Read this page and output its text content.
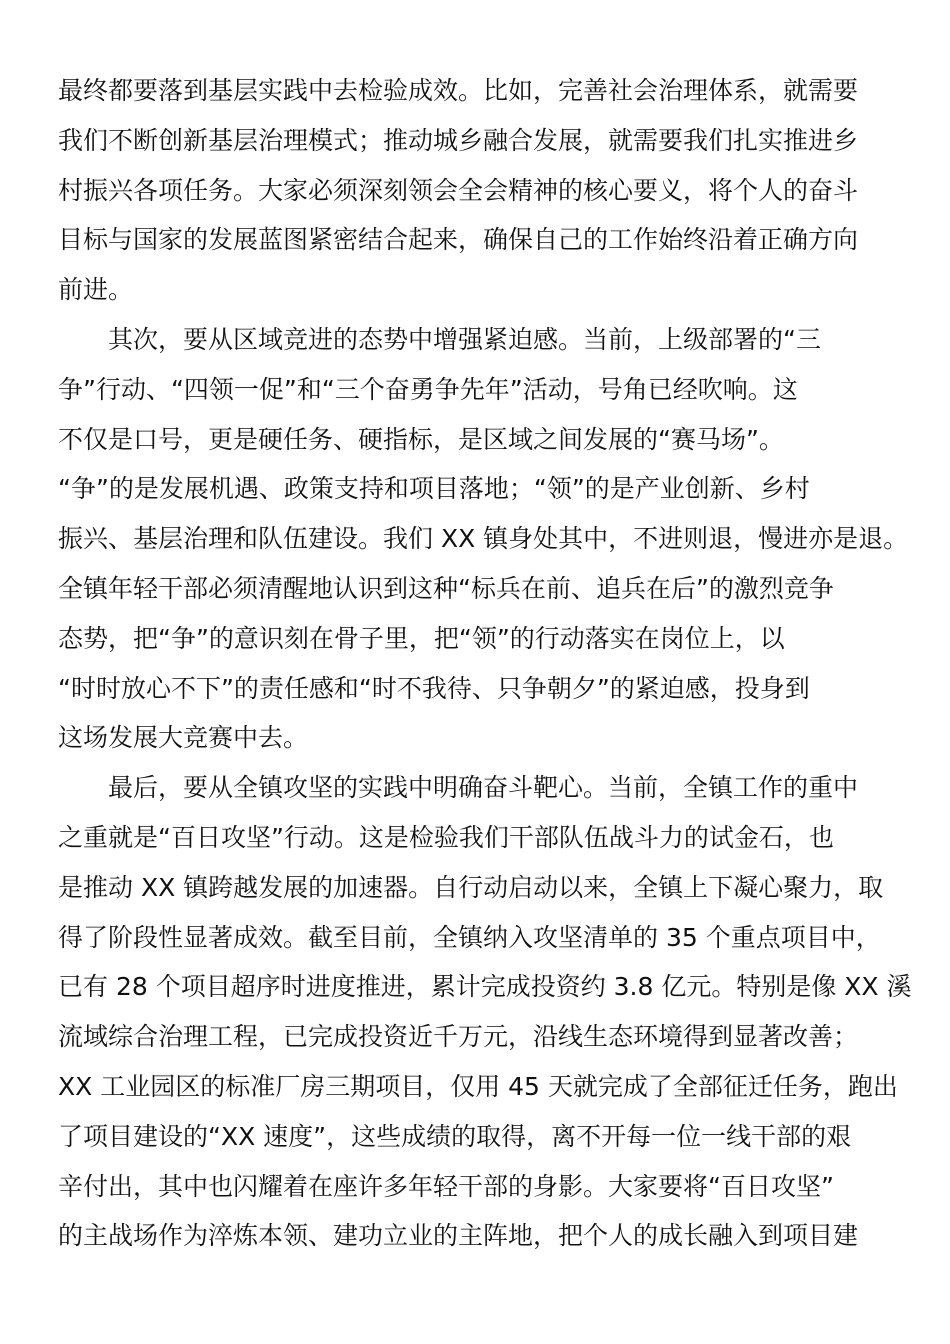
最终都要落到基层实践中去检验成效。比如，完善社会治理体系，就需要
我们不断创新基层治理模式；推动城乡融合发展，就需要我们扎实推进乡
村振兴各项任务。大家必须深刻领会全会精神的核心要义，将个人的奋斗
目标与国家的发展蓝图紧密结合起来，确保自己的工作始终沿着正确方向
前进。
其次，要从区域竞进的态势中增强紧迫感。当前，上级部署的“三
争”行动、“四领一促”和“三个奋勇争先年”活动，号角已经吹响。这
不仅是口号，更是硬任务、硬指标，是区域之间发展的“赛马场”。
“争”的是发展机遇、政策支持和项目落地；“领”的是产业创新、乡村
振兴、基层治理和队伍建设。我们 XX 镇身处其中，不进则退，慢进亦是退。
全镇年轻干部必须清醒地认识到这种“标兵在前、追兵在后”的激烈竞争
态势，把“争”的意识刻在骨子里，把“领”的行动落实在岗位上，以
“时时放心不下”的责任感和“时不我待、只争朝夕”的紧迫感，投身到
这场发展大竞赛中去。
最后，要从全镇攻坚的实践中明确奋斗靶心。当前，全镇工作的重中
之重就是“百日攻坚”行动。这是检验我们干部队伍战斗力的试金石，也
是推动 XX 镇跨越发展的加速器。自行动启动以来，全镇上下凝心聚力，取
得了阶段性显著成效。截至目前，全镇纳入攻坚清单的 35 个重点项目中，
已有 28 个项目超序时进度推进，累计完成投资约 3.8 亿元。特别是像 XX 溪
流域综合治理工程，已完成投资近千万元，沿线生态环境得到显著改善；
XX 工业园区的标准厂房三期项目，仅用 45 天就完成了全部征迁任务，跑出
了项目建设的“XX 速度”，这些成绩的取得，离不开每一位一线干部的艰
辛付出，其中也闪耀着在座许多年轻干部的身影。大家要将“百日攻坚”
的主战场作为淬炼本领、建功立业的主阵地，把个人的成长融入到项目建
